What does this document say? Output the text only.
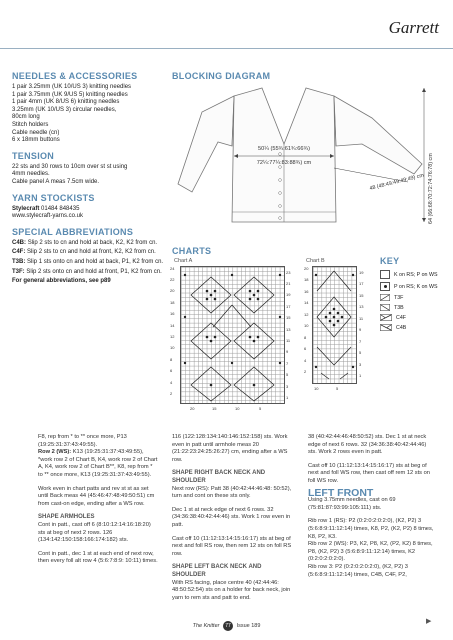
Garrett
NEEDLES & ACCESSORIES
1 pair 3.25mm (UK 10/US 3) knitting needles
1 pair 3.75mm (UK 9/US 5) knitting needles
1 pair 4mm (UK 8/US 6) knitting needles
3.25mm (UK 10/US 3) circular needles,
80cm long
Stitch holders
Cable needle (cn)
6 x 18mm buttons
TENSION
22 sts and 30 rows to 10cm over st st using
4mm needles.
Cable panel A meas 7.5cm wide.
YARN STOCKISTS
Stylecraft 01484 848435
www.stylecraft-yarns.co.uk
SPECIAL ABBREVIATIONS
C4B: Slip 2 sts to cn and hold at back, K2, K2 from cn.
C4F: Slip 2 sts to cn and hold at front, K2, K2 from cn.
T3B: Slip 1 sts onto cn and hold at back, P1, K2 from cn.
T3F: Slip 2 sts onto cn and hold at front, P1, K2 from cn.
For general abbreviations, see p89
BLOCKING DIAGRAM
50¼ (55¾:61¾:66¾)
72¼:77¼:83:88¾) cm
48 (48:49:49:49:49) cm 64 (66:68:70:72:74:76:78) cm
CHARTS
Chart A	Chart B
24
22
20
18
16
14
12
10
8
6
4
2
23
21
19
17
15
13
11
9
7
5
3
1
20	15	10	5
20
18
16
14
12
10
8
6
4
2
19
17
15
13
11
9
7
5
3
1
10	5
KEY
K on RS; P on WS
P on RS; K on WS
T3F
T3B
C4F
C4B
F8, rep from * to ** once more, P13 (19:25:31:37:43:49:55).
Row 2 (WS): K13 (19:25:31:37:43:49:55), *work row 2 of Chart B, K4, work row 2 of Chart A, K4, work row 2 of Chart B**, K8, rep from * to ** once more, K13 (19:25:31:37:43:49:55).
Work even in chart patts and rev st st as set until Back meas 44 (45:46:47:48:49:50:51) cm from cast-on edge, ending after a WS row.
SHAPE ARMHOLES
Cont in patt., cast off 6 (8:10:12:14:16:18:20) sts at beg of next 2 rows. 126 (134:142:150:158:166:174:182) sts.
Cont in patt., dec 1 st at each end of next row, then every foll alt row 4 (5:6:7:8:9: 10:11) times.
116 (122:128:134:140:146:152:158) sts. Work even in patt until armhole meas 20 (21:22:23:24:25:26:27) cm, ending after a WS row.
SHAPE RIGHT BACK NECK AND SHOULDER
Next row (RS): Patt 38 (40:42:44:46:48: 50:52), turn and cont on these sts only.
Dec 1 st at neck edge of next 6 rows. 32 (34:36:38:40:42:44:46) sts. Work 1 row even in patt.
Cast off 10 (11:12:13:14:15:16:17) sts at beg of next and foll RS row, then rem 12 sts on foll RS row.
SHAPE LEFT BACK NECK AND SHOULDER
With RS facing, place centre 40 (42:44:46: 48:50:52:54) sts on a holder for back neck, join yarn to rem sts and patt to end.
38 (40:42:44:46:48:50:52) sts. Dec 1 st at neck edge of next 6 rows. 32 (34:36:38:40:42:44:46) sts. Work 2 rows even in patt.
Cast off 10 (11:12:13:14:15:16:17) sts at beg of next and foll WS row, then cast off rem 12 sts on foll WS row.
LEFT FRONT
Using 3.75mm needles, cast on 69 (75:81:87:93:99:105:111) sts.
Rib row 1 (RS): P2 (0:2:0:2:0:2:0), (K2, P2) 3 (5:6:8:9:11:12:14) times, K8, P2, (K2, P2) 8 times, K8, P2, K3.
Rib row 2 (WS): P3, K2, P8, K2, (P2, K2) 8 times, P8, (K2, P2) 3 (5:6:8:9:11:12:14) times, K2 (0:2:0:2:0:2:0).
Rib row 3: P2 (0:2:0:2:0:2:0), (K2, P2) 3 (5:6:8:9:11:12:14) times, C4B, C4F, P2,
The Knitter 77 Issue 189
▶
